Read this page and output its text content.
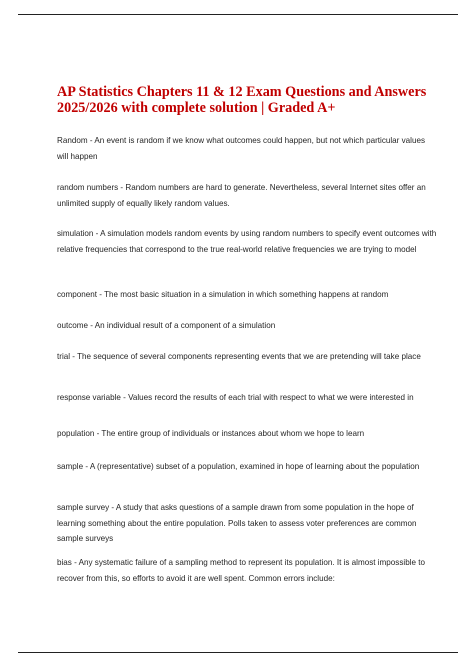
AP Statistics Chapters 11 & 12 Exam Questions and Answers 2025/2026 with complete solution | Graded A+

Random - An event is random if we know what outcomes could happen, but not which particular values will happen

random numbers - Random numbers are hard to generate. Nevertheless, several Internet sites offer an unlimited supply of equally likely random values.

simulation - A simulation models random events by using random numbers to specify event outcomes with relative frequencies that correspond to the true real-world relative frequencies we are trying to model

component - The most basic situation in a simulation in which something happens at random

outcome - An individual result of a component of a simulation

trial - The sequence of several components representing events that we are pretending will take place

response variable - Values record the results of each trial with respect to what we were interested in

population - The entire group of individuals or instances about whom we hope to learn

sample - A (representative) subset of a population, examined in hope of learning about the population

sample survey - A study that asks questions of a sample drawn from some population in the hope of learning something about the entire population. Polls taken to assess voter preferences are common sample surveys

bias - Any systematic failure of a sampling method to represent its population. It is almost impossible to recover from this, so efforts to avoid it are well spent. Common errors include:
